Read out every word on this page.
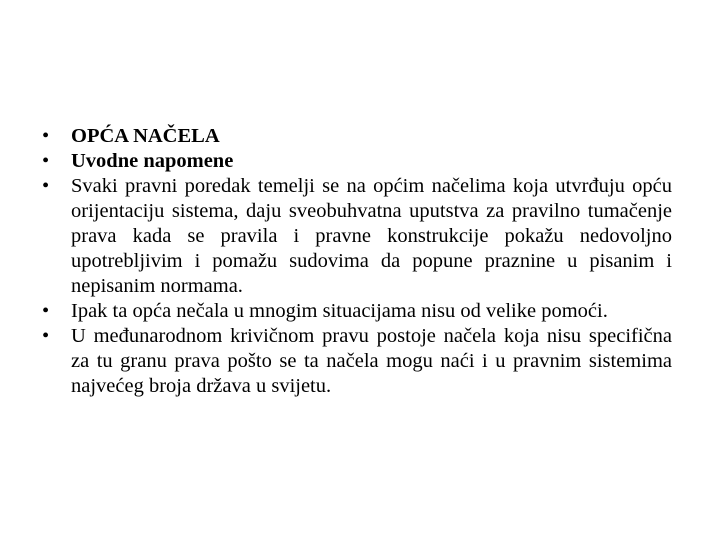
•	OPĆA NAČELA
•	Uvodne napomene
•	Svaki pravni poredak temelji se na općim načelima koja utvrđuju opću orijentaciju sistema, daju sveobuhvatna uputstva za pravilno tumačenje prava kada se pravila i pravne konstrukcije pokažu nedovoljno upotrebljivim i pomažu sudovima da popune praznine u pisanim i nepisanim normama.
•	Ipak ta opća nečala u mnogim situacijama nisu od velike pomoći.
•	U međunarodnom krivičnom pravu postoje načela koja nisu specifična za tu granu prava pošto se ta načela mogu naći i u pravnim sistemima najvećeg broja država u svijetu.
